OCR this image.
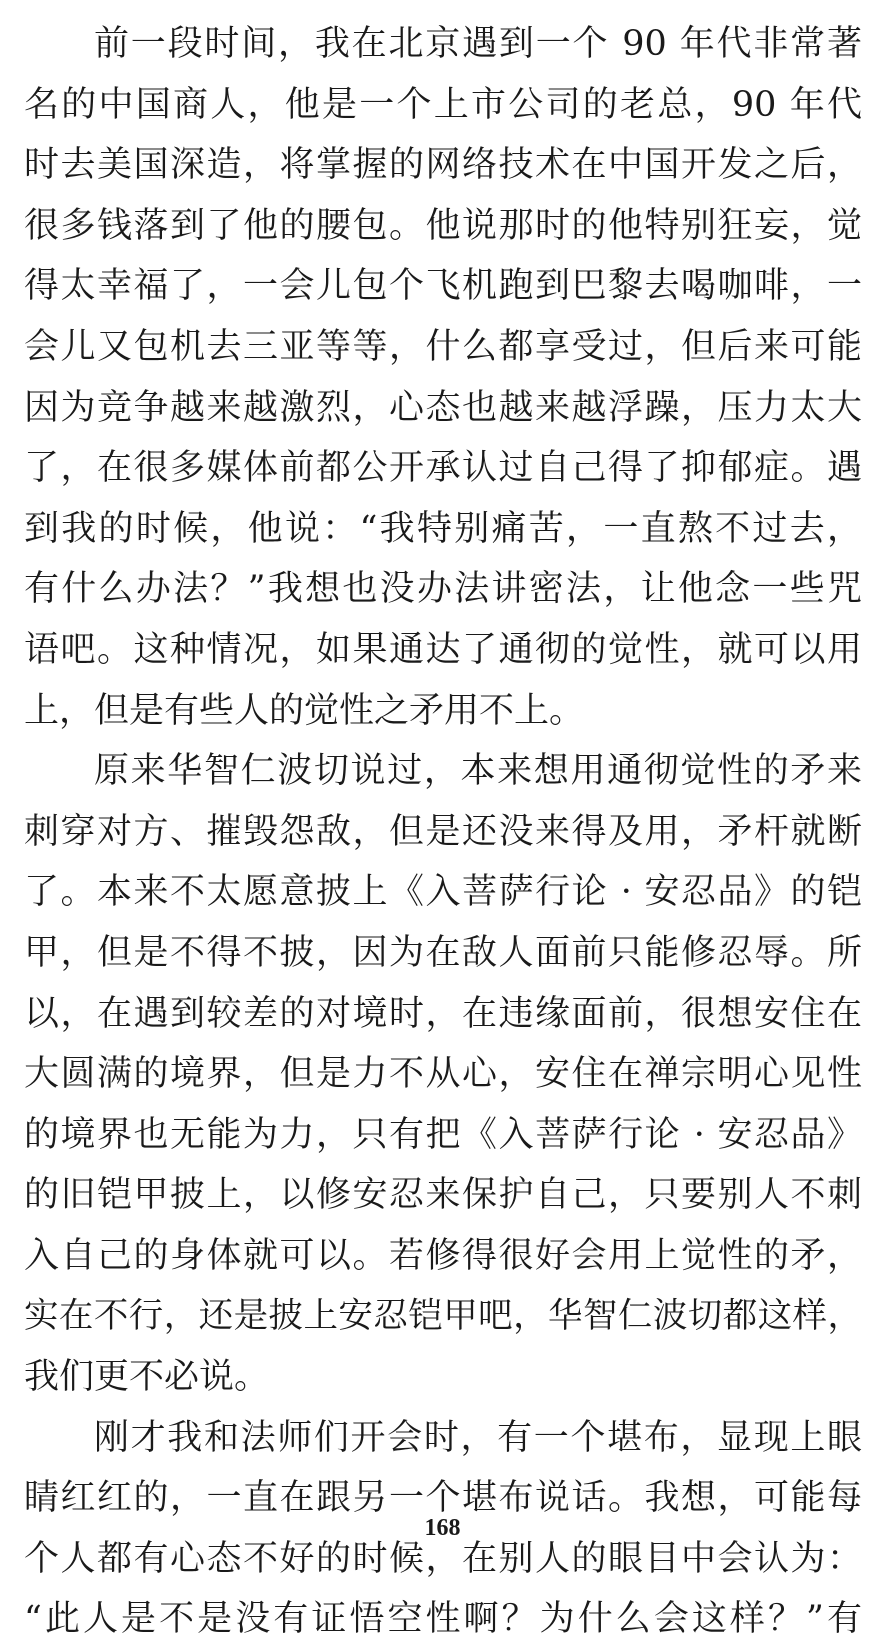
前一段时间，我在北京遇到一个 90 年代非常著
名的中国商人，他是一个上市公司的老总，90 年代
时去美国深造，将掌握的网络技术在中国开发之后，
很多钱落到了他的腰包。他说那时的他特别狂妄，觉
得太幸福了，一会儿包个飞机跑到巴黎去喝咖啡，一
会儿又包机去三亚等等，什么都享受过，但后来可能
因为竞争越来越激烈，心态也越来越浮躁，压力太大
了，在很多媒体前都公开承认过自己得了抑郁症。遇
到我的时候，他说：“我特别痛苦，一直熬不过去，
有什么办法？”我想也没办法讲密法，让他念一些咒
语吧。这种情况，如果通达了通彻的觉性，就可以用
上，但是有些人的觉性之矛用不上。
原来华智仁波切说过，本来想用通彻觉性的矛来
刺穿对方、摧毁怨敌，但是还没来得及用，矛杆就断
了。本来不太愿意披上《入菩萨行论 · 安忍品》的铠
甲，但是不得不披，因为在敌人面前只能修忍辱。所
以，在遇到较差的对境时，在违缘面前，很想安住在
大圆满的境界，但是力不从心，安住在禅宗明心见性
的境界也无能为力，只有把《入菩萨行论 · 安忍品》
的旧铠甲披上，以修安忍来保护自己，只要别人不刺
入自己的身体就可以。若修得很好会用上觉性的矛，
实在不行，还是披上安忍铠甲吧，华智仁波切都这样，
我们更不必说。
刚才我和法师们开会时，有一个堪布，显现上眼
睛红红的，一直在跟另一个堪布说话。我想，可能每
个人都有心态不好的时候，在别人的眼目中会认为：
“此人是不是没有证悟空性啊？为什么会这样？”有
168
